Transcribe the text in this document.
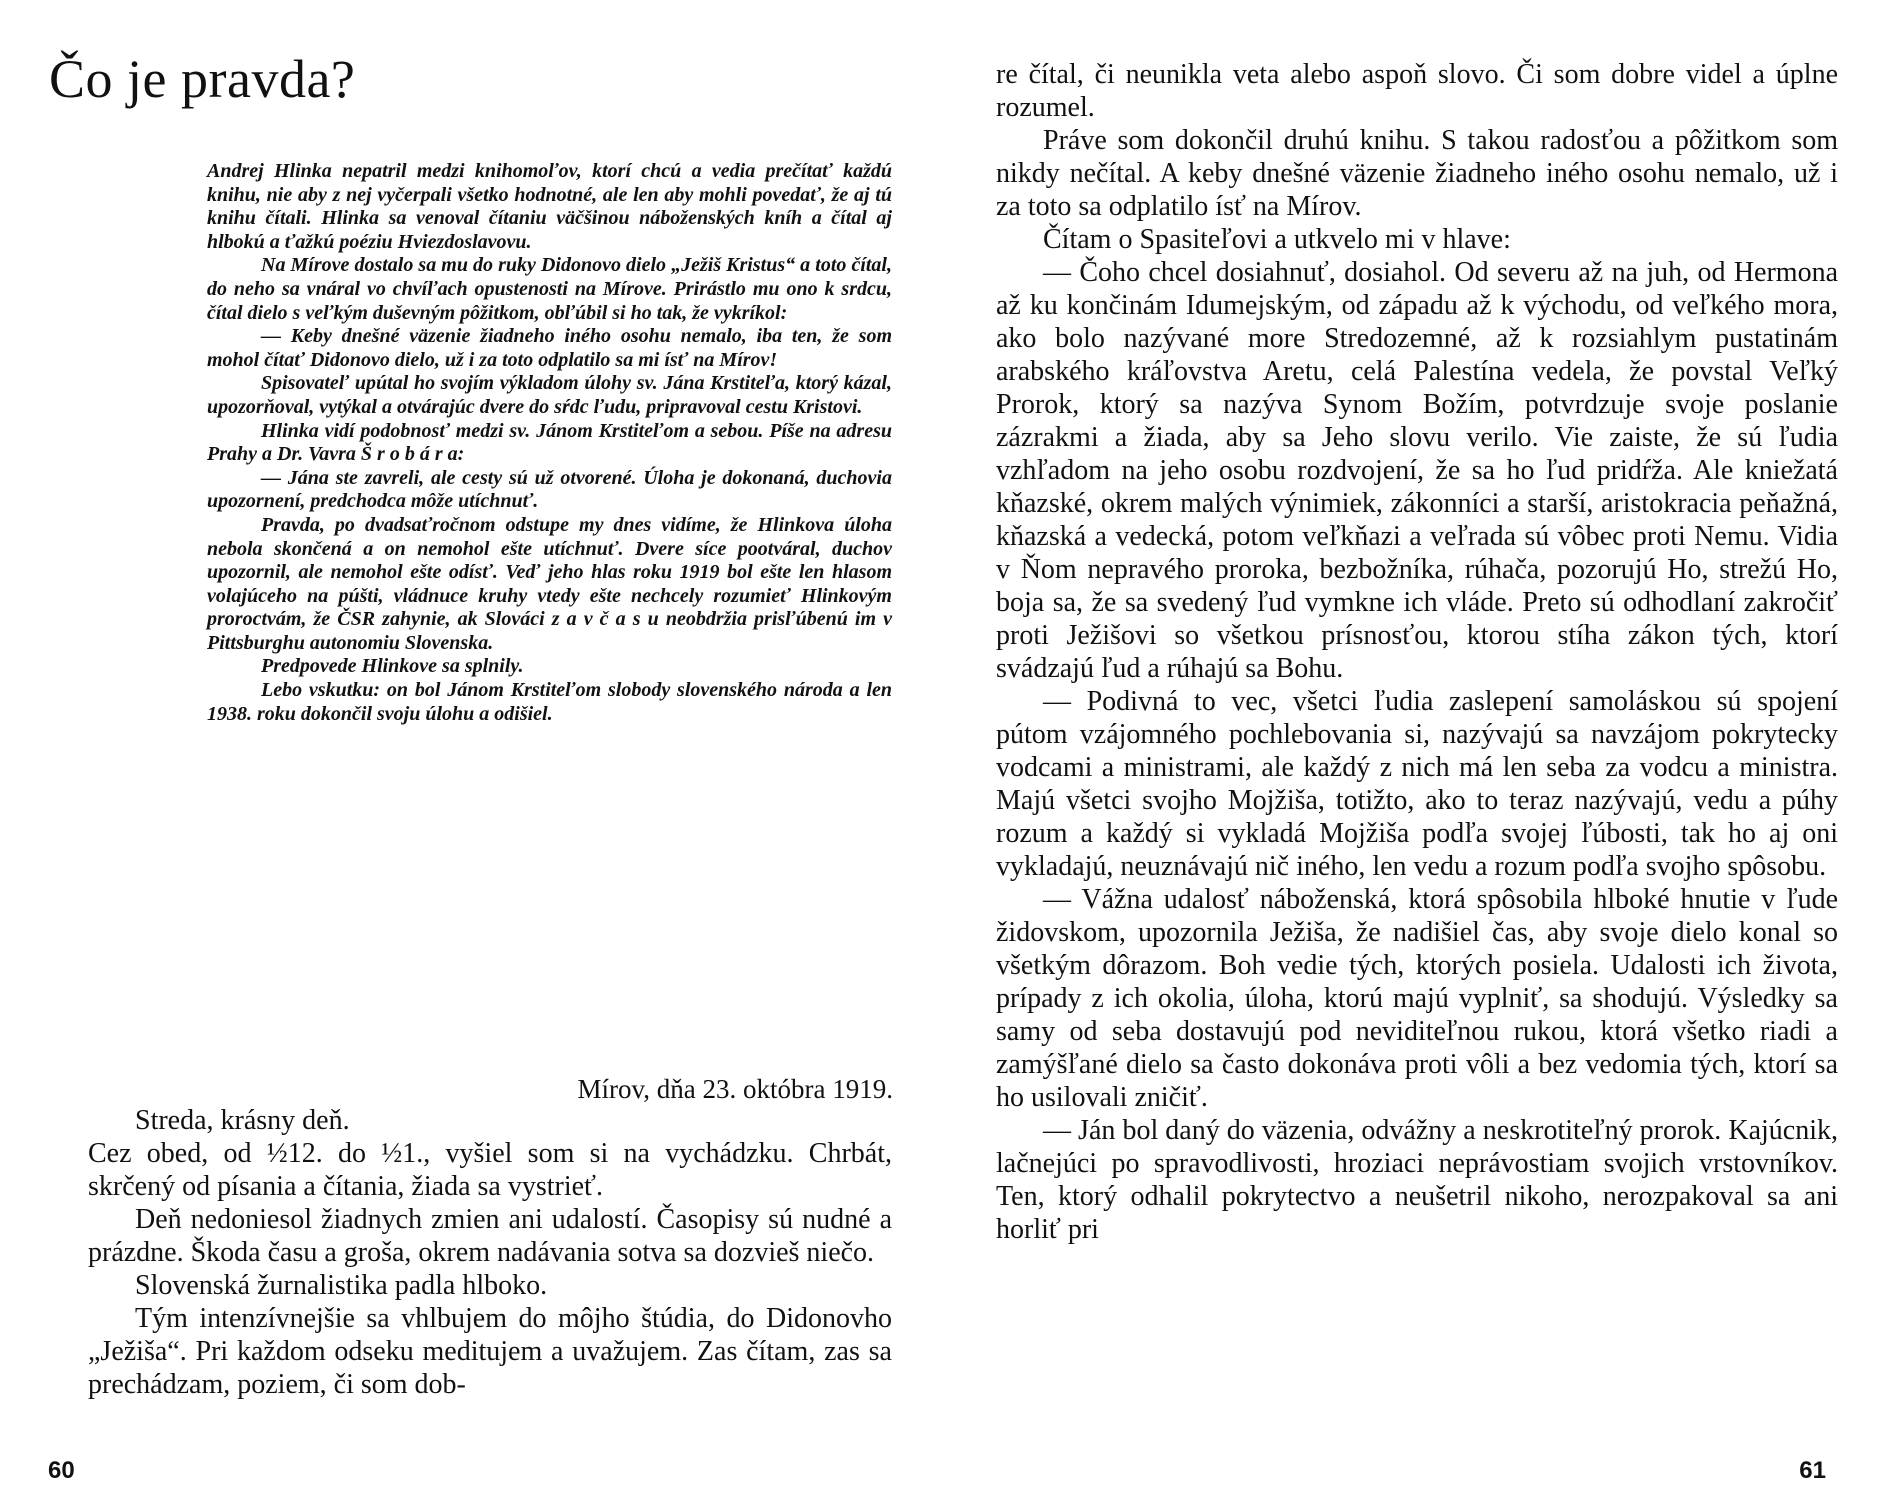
Čo je pravda?

Andrej Hlinka nepatril medzi knihomoľov, ktorí chcú a vedia prečítať každú knihu, nie aby z nej vyčerpali všetko hodnotné, ale len aby mohli povedať, že aj tú knihu čítali. Hlinka sa venoval čítaniu väčšinou náboženských kníh a čítal aj hlbokú a ťažkú poéziu Hviezdoslavovu.

Na Mírove dostalo sa mu do ruky Didonovo dielo „Ježiš Kristus“ a toto čítal, do neho sa vnáral vo chvíľach opustenosti na Mírove. Prirástlo mu ono k srdcu, čítal dielo s veľkým duševným pôžitkom, obľúbil si ho tak, že vykríkol:

— Keby dnešné väzenie žiadneho iného osohu nemalo, iba ten, že som mohol čítať Didonovo dielo, už i za toto odplatilo sa mi ísť na Mírov!

Spisovateľ upútal ho svojím výkladom úlohy sv. Jána Krstiteľa, ktorý kázal, upozorňoval, vytýkal a otvárajúc dvere do sŕdc ľudu, pripravoval cestu Kristovi.

Hlinka vidí podobnosť medzi sv. Jánom Krstiteľom a sebou. Píše na adresu Prahy a Dr. Vavra Š r o b á r a:

— Jána ste zavreli, ale cesty sú už otvorené. Úloha je dokonaná, duchovia upozornení, predchodca môže utíchnuť.

Pravda, po dvadsaťročnom odstupe my dnes vidíme, že Hlinkova úloha nebola skončená a on nemohol ešte utíchnuť. Dvere síce pootváral, duchov upozornil, ale nemohol ešte odísť. Veď jeho hlas roku 1919 bol ešte len hlasom volajúceho na púšti, vládnuce kruhy vtedy ešte nechcely rozumieť Hlinkovým proroctvám, že ČSR zahynie, ak Slováci z a v č a s u neobdržia prisľúbenú im v Pittsburghu autonomiu Slovenska.

Predpovede Hlinkove sa splnily.

Lebo vskutku: on bol Jánom Krstiteľom slobody slovenského národa a len 1938. roku dokončil svoju úlohu a odišiel.

Mírov, dňa 23. októbra 1919.

Streda, krásny deň.

Cez obed, od ½12. do ½1., vyšiel som si na vychádzku. Chrbát, skrčený od písania a čítania, žiada sa vystrieť.

Deň nedoniesol žiadnych zmien ani udalostí. Časopisy sú nudné a prázdne. Škoda času a groša, okrem nadávania sotva sa dozvieš niečo.

Slovenská žurnalistika padla hlboko.

Tým intenzívnejšie sa vhlbujem do môjho štúdia, do Didonovho „Ježiša“. Pri každom odseku meditujem a uvažujem. Zas čítam, zas sa prechádzam, poziem, či som dob-

60

re čítal, či neunikla veta alebo aspoň slovo. Či som dobre videl a úplne rozumel.

Práve som dokončil druhú knihu. S takou radosťou a pôžitkom som nikdy nečítal. A keby dnešné väzenie žiadneho iného osohu nemalo, už i za toto sa odplatilo ísť na Mírov.

Čítam o Spasiteľovi a utkvelo mi v hlave:

— Čoho chcel dosiahnuť, dosiahol. Od severu až na juh, od Hermona až ku končinám Idumejským, od západu až k východu, od veľkého mora, ako bolo nazývané more Stredozemné, až k rozsiahlym pustatinám arabského kráľovstva Aretu, celá Palestína vedela, že povstal Veľký Prorok, ktorý sa nazýva Synom Božím, potvrdzuje svoje poslanie zázrakmi a žiada, aby sa Jeho slovu verilo. Vie zaiste, že sú ľudia vzhľadom na jeho osobu rozdvojení, že sa ho ľud pridŕža. Ale kniežatá kňazské, okrem malých výnimiek, zákonníci a starší, aristokracia peňažná, kňazská a vedecká, potom veľkňazi a veľrada sú vôbec proti Nemu. Vidia v Ňom nepravého proroka, bezbožníka, rúhača, pozorujú Ho, strežú Ho, boja sa, že sa svedený ľud vymkne ich vláde. Preto sú odhodlaní zakročiť proti Ježišovi so všetkou prísnosťou, ktorou stíha zákon tých, ktorí svádzajú ľud a rúhajú sa Bohu.

— Podivná to vec, všetci ľudia zaslepení samoláskou sú spojení pútom vzájomného pochlebovania si, nazývajú sa navzájom pokrytecky vodcami a ministrami, ale každý z nich má len seba za vodcu a ministra. Majú všetci svojho Mojžiša, totižto, ako to teraz nazývajú, vedu a púhy rozum a každý si vykladá Mojžiša podľa svojej ľúbosti, tak ho aj oni vykladajú, neuznávajú nič iného, len vedu a rozum podľa svojho spôsobu.

— Vážna udalosť náboženská, ktorá spôsobila hlboké hnutie v ľude židovskom, upozornila Ježiša, že nadišiel čas, aby svoje dielo konal so všetkým dôrazom. Boh vedie tých, ktorých posiela. Udalosti ich života, prípady z ich okolia, úloha, ktorú majú vyplniť, sa shodujú. Výsledky sa samy od seba dostavujú pod neviditeľnou rukou, ktorá všetko riadi a zamýšľané dielo sa často dokonáva proti vôli a bez vedomia tých, ktorí sa ho usilovali zničiť.

— Ján bol daný do väzenia, odvážny a neskrotiteľný prorok. Kajúcnik, lačnejúci po spravodlivosti, hroziaci neprávostiam svojich vrstovníkov. Ten, ktorý odhalil pokrytectvo a neušetril nikoho, nerozpakoval sa ani horliť pri

61
